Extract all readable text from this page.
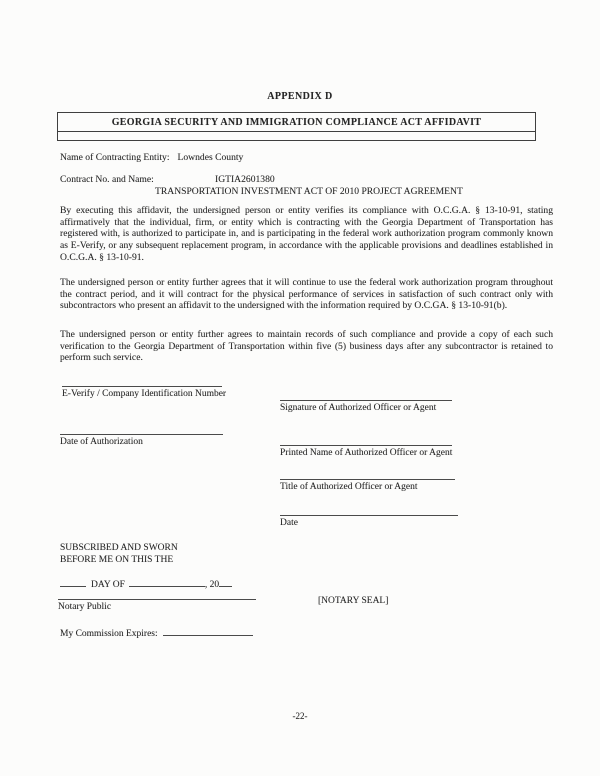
APPENDIX D
GEORGIA SECURITY AND IMMIGRATION COMPLIANCE ACT AFFIDAVIT
Name of Contracting Entity: Lowndes County
Contract No. and Name:	IGTIA2601380
TRANSPORTATION INVESTMENT ACT OF 2010 PROJECT AGREEMENT

By executing this affidavit, the undersigned person or entity verifies its compliance with O.C.G.A. § 13-10-91, stating affirmatively that the individual, firm, or entity which is contracting with the Georgia Department of Transportation has registered with, is authorized to participate in, and is participating in the federal work authorization program commonly known as E-Verify, or any subsequent replacement program, in accordance with the applicable provisions and deadlines established in O.C.G.A. § 13-10-91.

The undersigned person or entity further agrees that it will continue to use the federal work authorization program throughout the contract period, and it will contract for the physical performance of services in satisfaction of such contract only with subcontractors who present an affidavit to the undersigned with the information required by O.C.GA. § 13-10-91(b).

The undersigned person or entity further agrees to maintain records of such compliance and provide a copy of each such verification to the Georgia Department of Transportation within five (5) business days after any subcontractor is retained to perform such service.

E-Verify / Company Identification Number
Date of Authorization
Signature of Authorized Officer or Agent
Printed Name of Authorized Officer or Agent
Title of Authorized Officer or Agent
Date
SUBSCRIBED AND SWORN
BEFORE ME ON THIS THE
DAY OF	, 20
Notary Public
[NOTARY SEAL]
My Commission Expires:
-22-
